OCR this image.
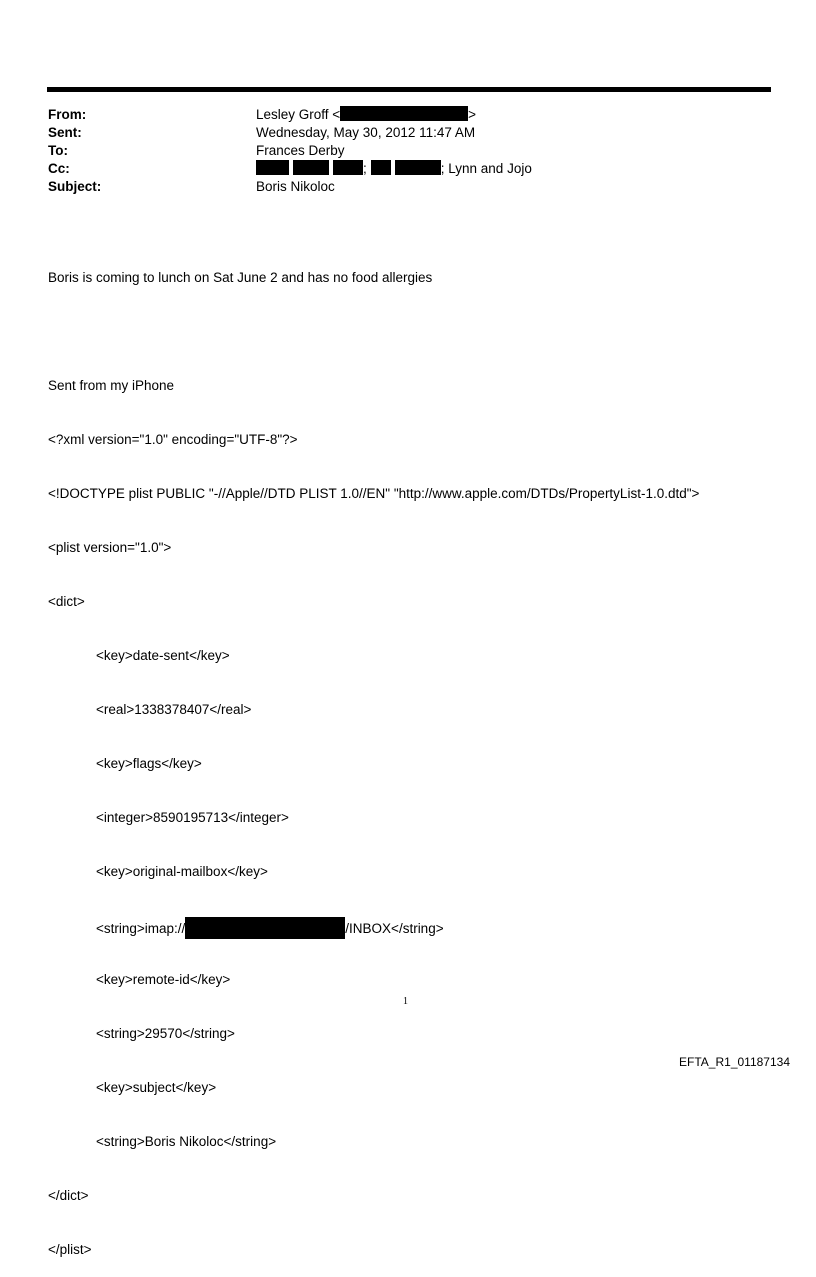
From:	Lesley Groff <	>
Sent:	Wednesday, May 30, 2012 11:47 AM
To:	Frances Derby
Cc:	;	; Lynn and Jojo
Subject:	Boris Nikoloc

Boris is coming to lunch on Sat June 2 and has no food allergies

Sent from my iPhone

<?xml version="1.0" encoding="UTF-8"?>

<!DOCTYPE plist PUBLIC "-//Apple//DTD PLIST 1.0//EN" "http://www.apple.com/DTDs/PropertyList-1.0.dtd">

<plist version="1.0">

<dict>

<key>date-sent</key>

<real>1338378407</real>

<key>flags</key>

<integer>8590195713</integer>

<key>original-mailbox</key>

<string>imap://	/INBOX</string>

<key>remote-id</key>

<string>29570</string>

<key>subject</key>

<string>Boris Nikoloc</string>

</dict>

</plist>

1
EFTA_R1_01187134
